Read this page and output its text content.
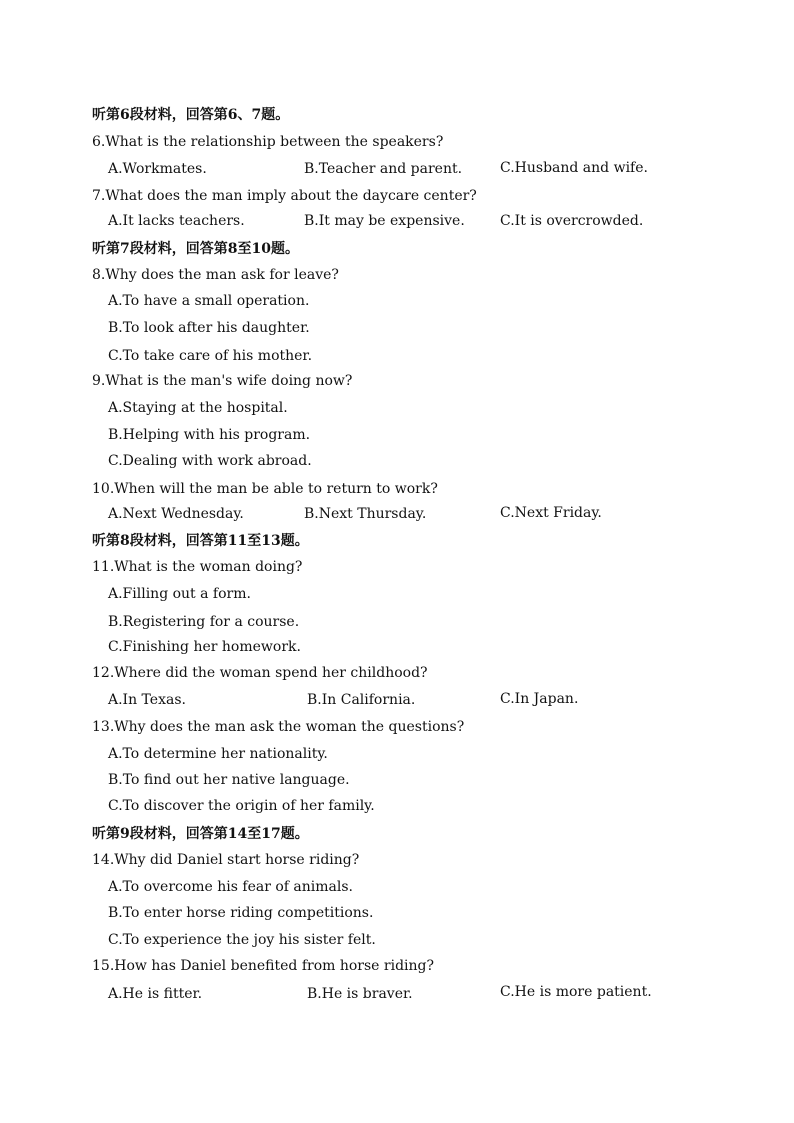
听第6段材料，回答第6、7题。
6.What is the relationship between the speakers?
A.Workmates.	B.Teacher and parent.	C.Husband and wife.
7.What does the man imply about the daycare center?
A.It lacks teachers.	B.It may be expensive.	C.It is overcrowded.
听第7段材料，回答第8至10题。
8.Why does the man ask for leave?
A.To have a small operation.
B.To look after his daughter.
C.To take care of his mother.
9.What is the man's wife doing now?
A.Staying at the hospital.
B.Helping with his program.
C.Dealing with work abroad.
10.When will the man be able to return to work?
A.Next Wednesday.	B.Next Thursday.	C.Next Friday.
听第8段材料，回答第11至13题。
11.What is the woman doing?
A.Filling out a form.
B.Registering for a course.
C.Finishing her homework.
12.Where did the woman spend her childhood?
A.In Texas.	B.In California.	C.In Japan.
13.Why does the man ask the woman the questions?
A.To determine her nationality.
B.To find out her native language.
C.To discover the origin of her family.
听第9段材料，回答第14至17题。
14.Why did Daniel start horse riding?
A.To overcome his fear of animals.
B.To enter horse riding competitions.
C.To experience the joy his sister felt.
15.How has Daniel benefited from horse riding?
A.He is fitter.	B.He is braver.	C.He is more patient.
